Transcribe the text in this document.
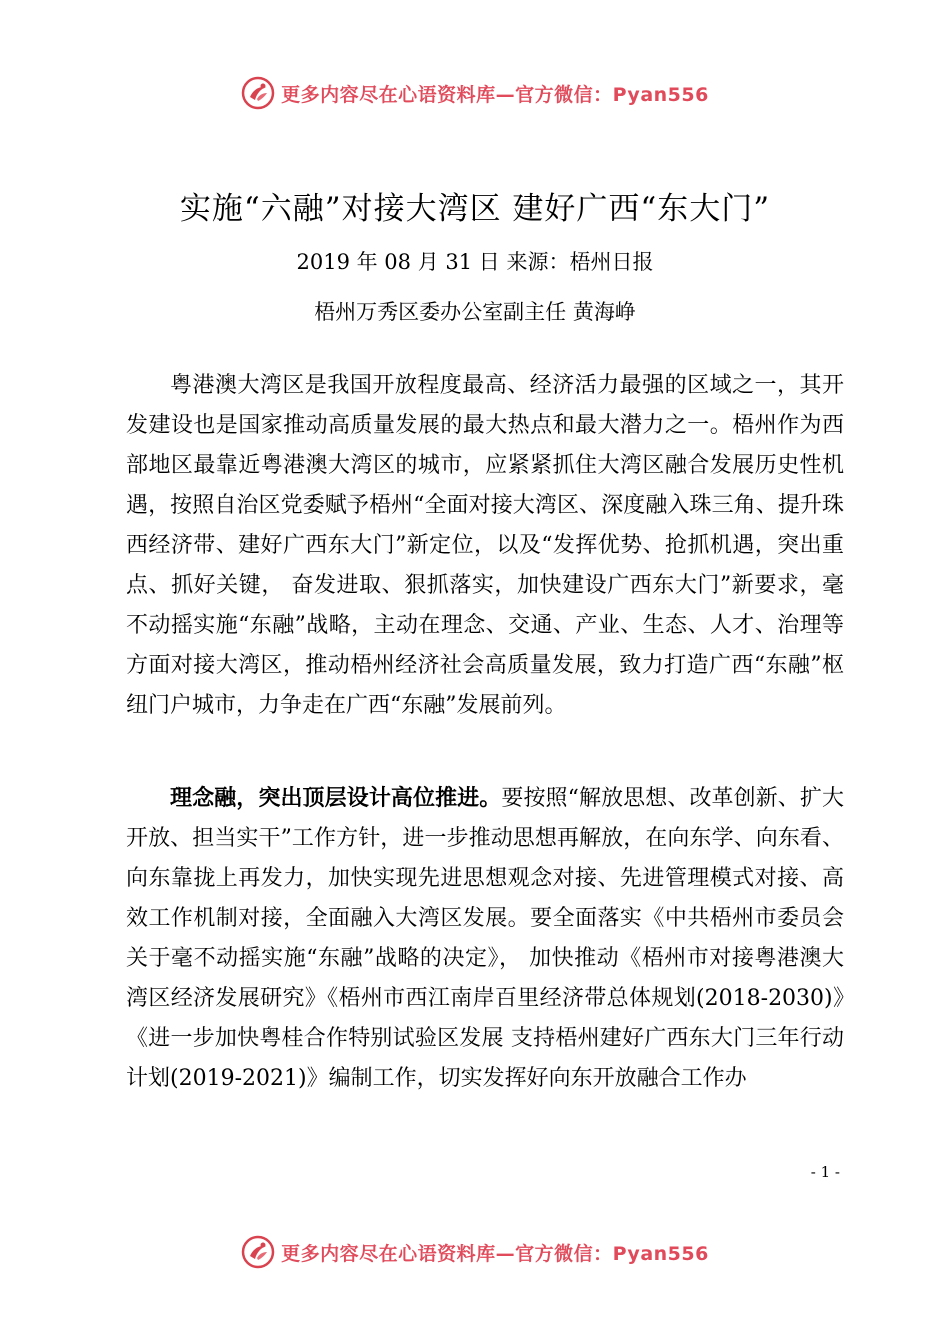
更多内容尽在心语资料库—官方微信：Pyan556
实施“六融”对接大湾区 建好广西“东大门”
2019 年 08 月 31 日 来源：梧州日报
梧州万秀区委办公室副主任 黄海峥
粤港澳大湾区是我国开放程度最高、经济活力最强的区域之一，其开发建设也是国家推动高质量发展的最大热点和最大潜力之一。梧州作为西部地区最靠近粤港澳大湾区的城市，应紧紧抓住大湾区融合发展历史性机遇，按照自治区党委赋予梧州“全面对接大湾区、深度融入珠三角、提升珠西经济带、建好广西东大门”新定位，以及“发挥优势、抢抓机遇，突出重点、抓好关键， 奋发进取、狠抓落实，加快建设广西东大门”新要求，毫不动摇实施“东融”战略，主动在理念、交通、产业、生态、人才、治理等方面对接大湾区，推动梧州经济社会高质量发展，致力打造广西“东融”枢纽门户城市，力争走在广西“东融”发展前列。
理念融，突出顶层设计高位推进。要按照“解放思想、改革创新、扩大开放、担当实干”工作方针，进一步推动思想再解放，在向东学、向东看、向东靠拢上再发力，加快实现先进思想观念对接、先进管理模式对接、高效工作机制对接，全面融入大湾区发展。要全面落实《中共梧州市委员会关于毫不动摇实施“东融”战略的决定》， 加快推动《梧州市对接粤港澳大湾区经济发展研究》《梧州市西江南岸百里经济带总体规划(2018-2030)》《进一步加快粤桂合作特别试验区发展 支持梧州建好广西东大门三年行动计划(2019-2021)》编制工作，切实发挥好向东开放融合工作办
- 1 -
更多内容尽在心语资料库—官方微信：Pyan556
